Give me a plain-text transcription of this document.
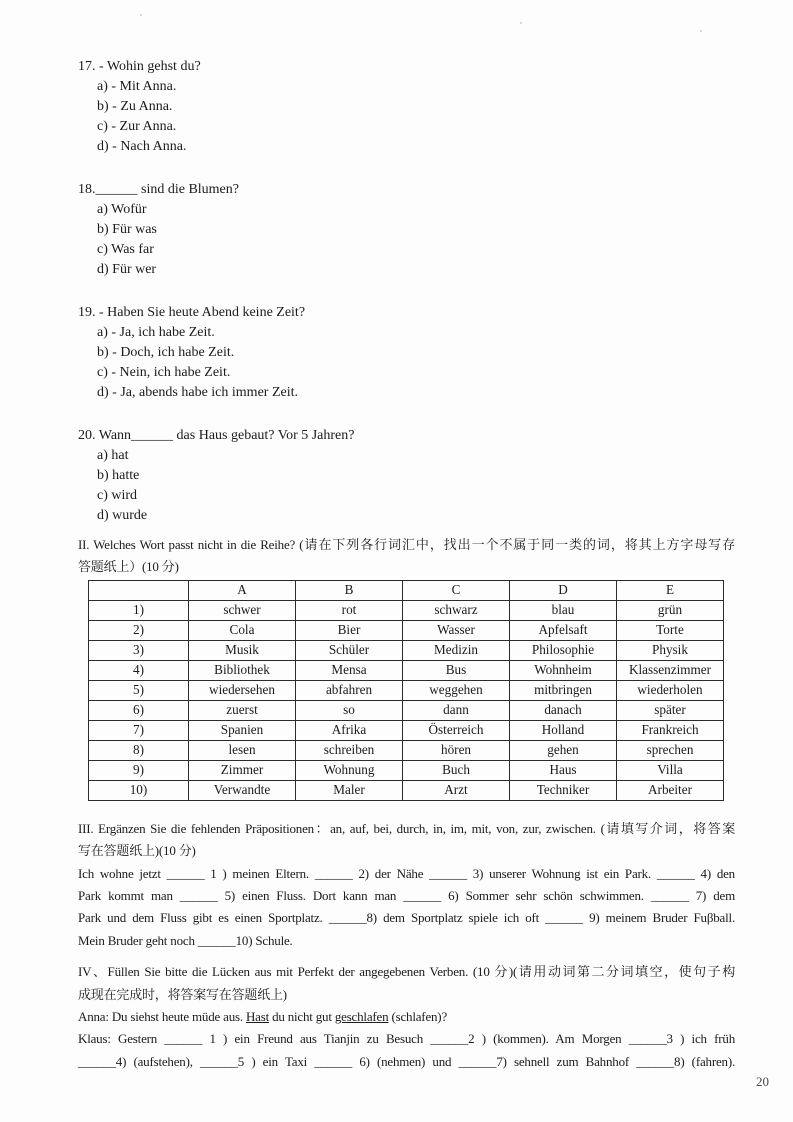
17. - Wohin gehst du?
a) - Mit Anna.
b) - Zu Anna.
c) - Zur Anna.
d) - Nach Anna.
18.______ sind die Blumen?
a) Wofür
b) Für was
c) Was far
d) Für wer
19. - Haben Sie heute Abend keine Zeit?
a) - Ja, ich habe Zeit.
b) - Doch, ich habe Zeit.
c) - Nein, ich habe Zeit.
d) - Ja, abends habe ich immer Zeit.
20. Wann______ das Haus gebaut? Vor 5 Jahren?
a) hat
b) hatte
c) wird
d) wurde
II. Welches Wort passt nicht in die Reihe? (请在下列各行词汇中，找出一个不属于同一类的词，将其上方字母写存
答题纸上）(10 分)
	A	B	C	D	E
1)	schwer	rot	schwarz	blau	grün
2)	Cola	Bier	Wasser	Apfelsaft	Torte
3)	Musik	Schüler	Medizin	Philosophie	Physik
4)	Bibliothek	Mensa	Bus	Wohnheim	Klassenzimmer
5)	wiedersehen	abfahren	weggehen	mitbringen	wiederholen
6)	zuerst	so	dann	danach	später
7)	Spanien	Afrika	Österreich	Holland	Frankreich
8)	lesen	schreiben	hören	gehen	sprechen
9)	Zimmer	Wohnung	Buch	Haus	Villa
10)	Verwandte	Maler	Arzt	Techniker	Arbeiter
III. Ergänzen Sie die fehlenden Präpositionen：an, auf, bei, durch, in, im, mit, von, zur, zwischen. (请填写介词，将答案
写在答题纸上)(10 分)
Ich wohne jetzt ______ 1 ) meinen Eltern. ______ 2) der Nähe ______ 3) unserer Wohnung ist ein Park. ______ 4) den
Park kommt man ______ 5) einen Fluss. Dort kann man ______ 6) Sommer sehr schön schwimmen. ______ 7) dem
Park und dem Fluss gibt es einen Sportplatz. ______8) dem Sportplatz spiele ich oft ______ 9) meinem Bruder Fuβball.
Mein Bruder geht noch ______10) Schule.
IV、Füllen Sie bitte die Lücken aus mit Perfekt der angegebenen Verben. (10 分)(请用动词第二分词填空，使句子构
成现在完成时，将答案写在答题纸上)
Anna: Du siehst heute müde aus. Hast du nicht gut geschlafen (schlafen)?
Klaus: Gestern ______ 1 ) ein Freund aus Tianjin zu Besuch ______2 ) (kommen). Am Morgen ______3 ) ich früh
______4) (aufstehen), ______5 ) ein Taxi ______ 6) (nehmen) und ______7) sehnell zum Bahnhof ______8) (fahren).
20
